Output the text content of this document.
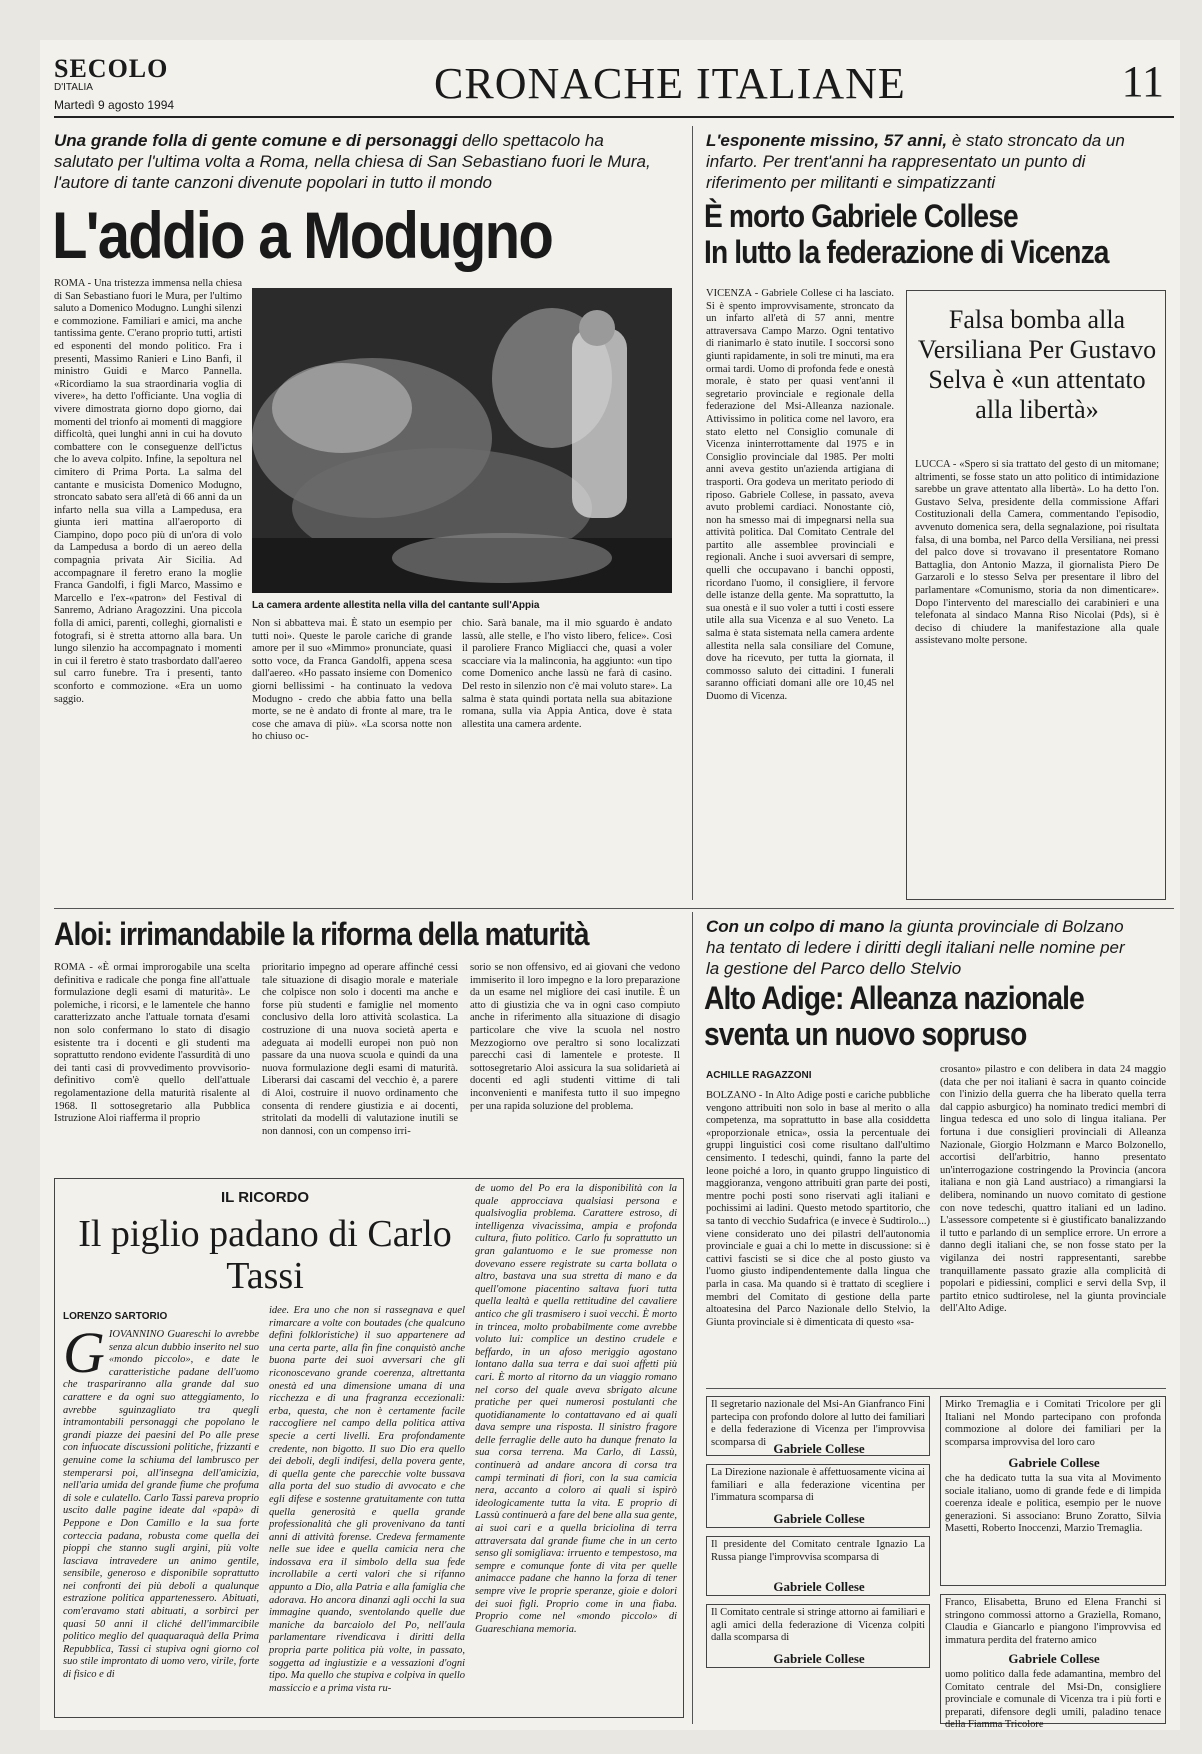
SECOLO
D'ITALIA
Martedì 9 agosto 1994	CRONACHE ITALIANE	11
Una grande folla di gente comune e di personaggi dello spettacolo ha salutato per l'ultima volta a Roma, nella chiesa di San Sebastiano fuori le Mura, l'autore di tante canzoni divenute popolari in tutto il mondo
L'addio a Modugno
ROMA - Una tristezza immensa nella chiesa di San Sebastiano fuori le Mura, per l'ultimo saluto a Domenico Modugno. Lunghi silenzi e commozione. Familiari e amici, ma anche tantissima gente. C'erano proprio tutti, artisti ed esponenti del mondo politico. Fra i presenti, Massimo Ranieri e Lino Banfi, il ministro Guidi e Marco Pannella. «Ricordiamo la sua straordinaria voglia di vivere», ha detto l'officiante. Una voglia di vivere dimostrata giorno dopo giorno, dai momenti del trionfo ai momenti di maggiore difficoltà, quei lunghi anni in cui ha dovuto combattere con le conseguenze dell'ictus che lo aveva colpito. Infine, la sepoltura nel cimitero di Prima Porta. La salma del cantante e musicista Domenico Modugno, stroncato sabato sera all'età di 66 anni da un infarto nella sua villa a Lampedusa, era giunta ieri mattina all'aeroporto di Ciampino, dopo poco più di un'ora di volo da Lampedusa a bordo di un aereo della compagnia privata Air Sicilia. Ad accompagnare il feretro erano la moglie Franca Gandolfi, i figli Marco, Massimo e Marcello e l'ex-«patron» del Festival di Sanremo, Adriano Aragozzini. Una piccola folla di amici, parenti, colleghi, giornalisti e fotografi, si è stretta attorno alla bara. Un lungo silenzio ha accompagnato i momenti in cui il feretro è stato trasbordato dall'aereo sul carro funebre. Tra i presenti, tanto sconforto e commozione. «Era un uomo saggio.
La camera ardente allestita nella villa del cantante sull'Appia
Non si abbatteva mai. È stato un esempio per tutti noi». Queste le parole cariche di grande amore per il suo «Mimmo» pronunciate, quasi sotto voce, da Franca Gandolfi, appena scesa dall'aereo. «Ho passato insieme con Domenico giorni bellissimi - ha continuato la vedova Modugno - credo che abbia fatto una bella morte, se ne è andato di fronte al mare, tra le cose che amava di più». «La scorsa notte non ho chiuso oc-
chio. Sarà banale, ma il mio sguardo è andato lassù, alle stelle, e l'ho visto libero, felice». Così il paroliere Franco Migliacci che, quasi a voler scacciare via la malinconia, ha aggiunto: «un tipo come Domenico anche lassù ne farà di casino. Del resto in silenzio non c'è mai voluto stare». La salma è stata quindi portata nella sua abitazione romana, sulla via Appia Antica, dove è stata allestita una camera ardente.
L'esponente missino, 57 anni, è stato stroncato da un infarto. Per trent'anni ha rappresentato un punto di riferimento per militanti e simpatizzanti
È morto Gabriele Collese
In lutto la federazione di Vicenza
VICENZA - Gabriele Collese ci ha lasciato. Si è spento improvvisamente, stroncato da un infarto all'età di 57 anni, mentre attraversava Campo Marzo. Ogni tentativo di rianimarlo è stato inutile. I soccorsi sono giunti rapidamente, in soli tre minuti, ma era ormai tardi. Uomo di profonda fede e onestà morale, è stato per quasi vent'anni il segretario provinciale e regionale della federazione del Msi-Alleanza nazionale. Attivissimo in politica come nel lavoro, era stato eletto nel Consiglio comunale di Vicenza ininterrottamente dal 1975 e in Consiglio provinciale dal 1985. Per molti anni aveva gestito un'azienda artigiana di trasporti. Ora godeva un meritato periodo di riposo. Gabriele Collese, in passato, aveva avuto problemi cardiaci. Nonostante ciò, non ha smesso mai di impegnarsi nella sua attività politica. Dal Comitato Centrale del partito alle assemblee provinciali e regionali. Anche i suoi avversari di sempre, quelli che occupavano i banchi opposti, ricordano l'uomo, il consigliere, il fervore delle istanze della gente. Ma soprattutto, la sua onestà e il suo voler a tutti i costi essere utile alla sua Vicenza e al suo Veneto. La salma è stata sistemata nella camera ardente allestita nella sala consiliare del Comune, dove ha ricevuto, per tutta la giornata, il commosso saluto dei cittadini. I funerali saranno officiati domani alle ore 10,45 nel Duomo di Vicenza.
Falsa bomba alla Versiliana Per Gustavo Selva è «un attentato alla libertà»
LUCCA - «Spero si sia trattato del gesto di un mitomane; altrimenti, se fosse stato un atto politico di intimidazione sarebbe un grave attentato alla libertà». Lo ha detto l'on. Gustavo Selva, presidente della commissione Affari Costituzionali della Camera, commentando l'episodio, avvenuto domenica sera, della segnalazione, poi risultata falsa, di una bomba, nel Parco della Versiliana, nei pressi del palco dove si trovavano il presentatore Romano Battaglia, don Antonio Mazza, il giornalista Piero De Garzaroli e lo stesso Selva per presentare il libro del parlamentare «Comunismo, storia da non dimenticare». Dopo l'intervento del maresciallo dei carabinieri e una telefonata al sindaco Manna Riso Nicolai (Pds), si è deciso di chiudere la manifestazione alla quale assistevano molte persone.
Aloi: irrimandabile la riforma della maturità
ROMA - «È ormai improrogabile una scelta definitiva e radicale che ponga fine all'attuale formulazione degli esami di maturità». Le polemiche, i ricorsi, e le lamentele che hanno caratterizzato anche l'attuale tornata d'esami non solo confermano lo stato di disagio esistente tra i docenti e gli studenti ma soprattutto rendono evidente l'assurdità di uno dei tanti casi di provvedimento provvisorio-definitivo com'è quello dell'attuale regolamentazione della maturità risalente al 1968. Il sottosegretario alla Pubblica Istruzione Aloi riafferma il proprio
prioritario impegno ad operare affinché cessi tale situazione di disagio morale e materiale che colpisce non solo i docenti ma anche e forse più studenti e famiglie nel momento conclusivo della loro attività scolastica. La costruzione di una nuova società aperta e adeguata ai modelli europei non può non passare da una nuova scuola e quindi da una nuova formulazione degli esami di maturità. Liberarsi dai cascami del vecchio è, a parere di Aloi, costruire il nuovo ordinamento che consenta di rendere giustizia e ai docenti, stritolati da modelli di valutazione inutili se non dannosi, con un compenso irri-
sorio se non offensivo, ed ai giovani che vedono immiserito il loro impegno e la loro preparazione da un esame nel migliore dei casi inutile. È un atto di giustizia che va in ogni caso compiuto anche in riferimento alla situazione di disagio particolare che vive la scuola nel nostro Mezzogiorno ove peraltro si sono localizzati parecchi casi di lamentele e proteste. Il sottosegretario Aloi assicura la sua solidarietà ai docenti ed agli studenti vittime di tali inconvenienti e manifesta tutto il suo impegno per una rapida soluzione del problema.
IL RICORDO
Il piglio padano di Carlo Tassi
LORENZO SARTORIO
GIOVANNINO Guareschi lo avrebbe senza alcun dubbio inserito nel suo «mondo piccolo», e date le caratteristiche padane dell'uomo che traspariranno alla grande dal suo carattere e da ogni suo atteggiamento, lo avrebbe sguinzagliato tra quegli intramontabili personaggi che popolano le grandi piazze dei paesini del Po alle prese con infuocate discussioni politiche, frizzanti e genuine come la schiuma del lambrusco per stemperarsi poi, all'insegna dell'amicizia, nell'aria umida del grande fiume che profuma di sole e culatello. Carlo Tassi pareva proprio uscito dalle pagine ideate dal «papà» di Peppone e Don Camillo e la sua forte corteccia padana, robusta come quella dei pioppi che stanno sugli argini, più volte lasciava intravedere un animo gentile, sensibile, generoso e disponibile soprattutto nei confronti dei più deboli a qualunque estrazione politica appartenessero. Abituati, com'eravamo stati abituati, a sorbirci per quasi 50 anni il cliché dell'immarcibile politico meglio del quaquaraquà della Prima Repubblica, Tassi ci stupiva ogni giorno col suo stile improntato di uomo vero, virile, forte di fisico e di
idee. Era uno che non si rassegnava e quel rimarcare a volte con boutades (che qualcuno definì folkloristiche) il suo appartenere ad una certa parte, alla fin fine conquistò anche buona parte dei suoi avversari che gli riconoscevano grande coerenza, altrettanta onestà ed una dimensione umana di una ricchezza e di una fragranza eccezionali: erba, questa, che non è certamente facile raccogliere nel campo della politica attiva specie a certi livelli. Era profondamente credente, non bigotto. Il suo Dio era quello dei deboli, degli indifesi, della povera gente, di quella gente che parecchie volte bussava alla porta del suo studio di avvocato e che egli difese e sostenne gratuitamente con tutta quella generosità e quella grande professionalità che gli provenivano da tanti anni di attività forense. Credeva fermamente nelle sue idee e quella camicia nera che indossava era il simbolo della sua fede incrollabile a certi valori che si rifanno appunto a Dio, alla Patria e alla famiglia che adorava. Ho ancora dinanzi agli occhi la sua immagine quando, sventolando quelle due maniche da barcaiolo del Po, nell'aula parlamentare rivendicava i diritti della propria parte politica più volte, in passato, soggetta ad ingiustizie e a vessazioni d'ogni tipo. Ma quello che stupiva e colpiva in quello massiccio e a prima vista ru-
de uomo del Po era la disponibilità con la quale approcciava qualsiasi persona e qualsivoglia problema. Carattere estroso, di intelligenza vivacissima, ampia e profonda cultura, fiuto politico. Carlo fu soprattutto un gran galantuomo e le sue promesse non dovevano essere registrate su carta bollata o altro, bastava una sua stretta di mano e da quell'omone piacentino saltava fuori tutta quella lealtà e quella rettitudine del cavaliere antico che gli trasmisero i suoi vecchi. È morto in trincea, molto probabilmente come avrebbe voluto lui: complice un destino crudele e beffardo, in un afoso meriggio agostano lontano dalla sua terra e dai suoi affetti più cari. È morto al ritorno da un viaggio romano nel corso del quale aveva sbrigato alcune pratiche per quei numerosi postulanti che quotidianamente lo contattavano ed ai quali dava sempre una risposta. Il sinistro fragore delle ferraglie delle auto ha dunque frenato la sua corsa terrena. Ma Carlo, di Lassù, continuerà ad andare ancora di corsa tra campi terminati di fiori, con la sua camicia nera, accanto a coloro ai quali si ispirò ideologicamente tutta la vita. E proprio di Lassù continuerà a fare del bene alla sua gente, ai suoi cari e a quella briciolina di terra attraversata dal grande fiume che in un certo senso gli somigliava: irruento e tempestoso, ma sempre e comunque fonte di vita per quelle animacce padane che hanno la forza di tener sempre vive le proprie speranze, gioie e dolori dei suoi figli. Proprio come in una fiaba. Proprio come nel «mondo piccolo» di Guareschiana memoria.
Con un colpo di mano la giunta provinciale di Bolzano ha tentato di ledere i diritti degli italiani nelle nomine per la gestione del Parco dello Stelvio
Alto Adige: Alleanza nazionale
sventa un nuovo sopruso
ACHILLE RAGAZZONI
BOLZANO - In Alto Adige posti e cariche pubbliche vengono attribuiti non solo in base al merito o alla competenza, ma soprattutto in base alla cosiddetta «proporzionale etnica», ossia la percentuale dei gruppi linguistici così come risultano dall'ultimo censimento. I tedeschi, quindi, fanno la parte del leone poiché a loro, in quanto gruppo linguistico di maggioranza, vengono attribuiti gran parte dei posti, mentre pochi posti sono riservati agli italiani e pochissimi ai ladini. Questo metodo spartitorio, che sa tanto di vecchio Sudafrica (e invece è Sudtirolo...) viene considerato uno dei pilastri dell'autonomia provinciale e guai a chi lo mette in discussione: si è cattivi fascisti se si dice che al posto giusto va l'uomo giusto indipendentemente dalla lingua che parla in casa. Ma quando si è trattato di scegliere i membri del Comitato di gestione della parte altoatesina del Parco Nazionale dello Stelvio, la Giunta provinciale si è dimenticata di questo «sa-
crosanto» pilastro e con delibera in data 24 maggio (data che per noi italiani è sacra in quanto coincide con l'inizio della guerra che ha liberato quella terra dal cappio asburgico) ha nominato tredici membri di lingua tedesca ed uno solo di lingua italiana. Per fortuna i due consiglieri provinciali di Alleanza Nazionale, Giorgio Holzmann e Marco Bolzonello, accortisi dell'arbitrio, hanno presentato un'interrogazione costringendo la Provincia (ancora italiana e non già Land austriaco) a rimangiarsi la delibera, nominando un nuovo comitato di gestione con nove tedeschi, quattro italiani ed un ladino. L'assessore competente si è giustificato banalizzando il tutto e parlando di un semplice errore. Un errore a danno degli italiani che, se non fosse stato per la vigilanza dei nostri rappresentanti, sarebbe tranquillamente passato grazie alla complicità di popolari e pidiessini, complici e servi della Svp, il partito etnico sudtirolese, nel la giunta provinciale dell'Alto Adige.
Il segretario nazionale del Msi-An Gianfranco Fini partecipa con profondo dolore al lutto dei familiari e della federazione di Vicenza per l'improvvisa scomparsa di Gabriele Collese
La Direzione nazionale è affettuosamente vicina ai familiari e alla federazione vicentina per l'immatura scomparsa di
Gabriele Collese
Il presidente del Comitato centrale Ignazio La Russa piange l'improvvisa scomparsa di
Gabriele Collese
Il Comitato centrale si stringe attorno ai familiari e agli amici della federazione di Vicenza colpiti dalla scomparsa di
Gabriele Collese
Mirko Tremaglia e i Comitati Tricolore per gli Italiani nel Mondo partecipano con profonda commozione al dolore dei familiari per la scomparsa improvvisa del loro caro
Gabriele Collese
che ha dedicato tutta la sua vita al Movimento sociale italiano, uomo di grande fede e di limpida coerenza ideale e politica, esempio per le nuove generazioni. Si associano: Bruno Zoratto, Silvia Masetti, Roberto Inoccenzi, Marzio Tremaglia.
Franco, Elisabetta, Bruno ed Elena Franchi si stringono commossi attorno a Graziella, Romano, Claudia e Giancarlo e piangono l'improvvisa ed immatura perdita del fraterno amico
Gabriele Collese
uomo politico dalla fede adamantina, membro del Comitato centrale del Msi-Dn, consigliere provinciale e comunale di Vicenza tra i più forti e preparati, difensore degli umili, paladino tenace della Fiamma Tricolore
